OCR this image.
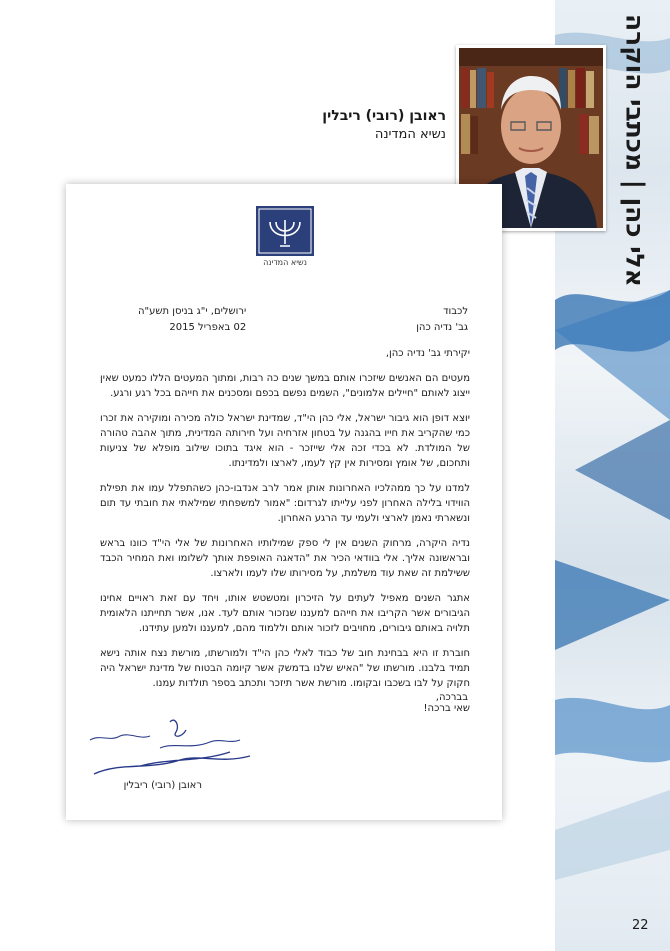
אלי כהן | מכתבי הוקרה
22
ראובן (רובי) ריבלין
נשיא המדינה
נשיא המדינה
לכבוד
גב' נדיה כהן
ירושלים, י"ג בניסן תשע"ה
02 באפריל 2015

יקירתי גב' נדיה כהן,

מעטים הם האנשים שיזכרו אותם במשך שנים כה רבות, ומתוך המעטים הללו כמעט שאין ייצוג לאותם "חיילים אלמונים", השמים נפשם בכפם ומסכנים את חייהם בכל רגע ורגע.

יוצא דופן הוא גיבור ישראל, אלי כהן הי"ד, שמדינת ישראל כולה מכירה ומוקירה את זכרו כמי שהקריב את חייו בהגנה על בטחון אזרחיה ועל חירותה המדינית, מתוך אהבה טהורה של המולדת. לא בכדי זכה אלי שייזכר - הוא איגד בתוכו שילוב מופלא של צניעות ותחכום, של אומץ ומסירות אין קץ לעמו, לארצו ולמדינתו.

למדנו על כך ממהלכיו האחרונות אותן אמר לרב אנדבו-כהן כשהתפלל עמו את תפילת הווידוי בלילה האחרון לפני עלייתו לגרדום: "אמור למשפחתי שמילאתי את חובתי עד תום ונשארתי נאמן לארצי ולעמי עד הרגע האחרון.

נדיה היקרה, מרחוק השנים אין לי ספק שמילותיו האחרונות של אלי הי"ד כוונו בראש ובראשונה אליך. אלי בוודאי הכיר את "הדאגה האופפת אותך לשלומו ואת המחיר הכבד ששילמת זה שאת עוד משלמת, על מסירותו שלו לעמו ולארצו.

אתגר השנים מאפיל לעתים על הזיכרון ומטשטש אותו, ויחד עם זאת ראויים אחינו הגיבורים אשר הקריבו את חייהם למעננו שנזכור אותם לעד. אנו, אשר תחייתנו הלאומית תלויה באותם גיבורים, מחויבים לזכור אותם וללמוד מהם, למעננו ולמען עתידנו.

חוברת זו היא בבחינת חוב של כבוד לאלי כהן הי"ד ולמורשתו, מורשת נצח אותה נישא תמיד בלבנו. מורשתו של "האיש שלנו בדמשק אשר קיומה הבטוח של מדינת ישראל היה חקוק על לבו בשכבו ובקומו. מורשת אשר תיזכר ותכתב בספר תולדות עמנו.

שאי ברכה!

בברכה,
ראובן (רובי) ריבלין
